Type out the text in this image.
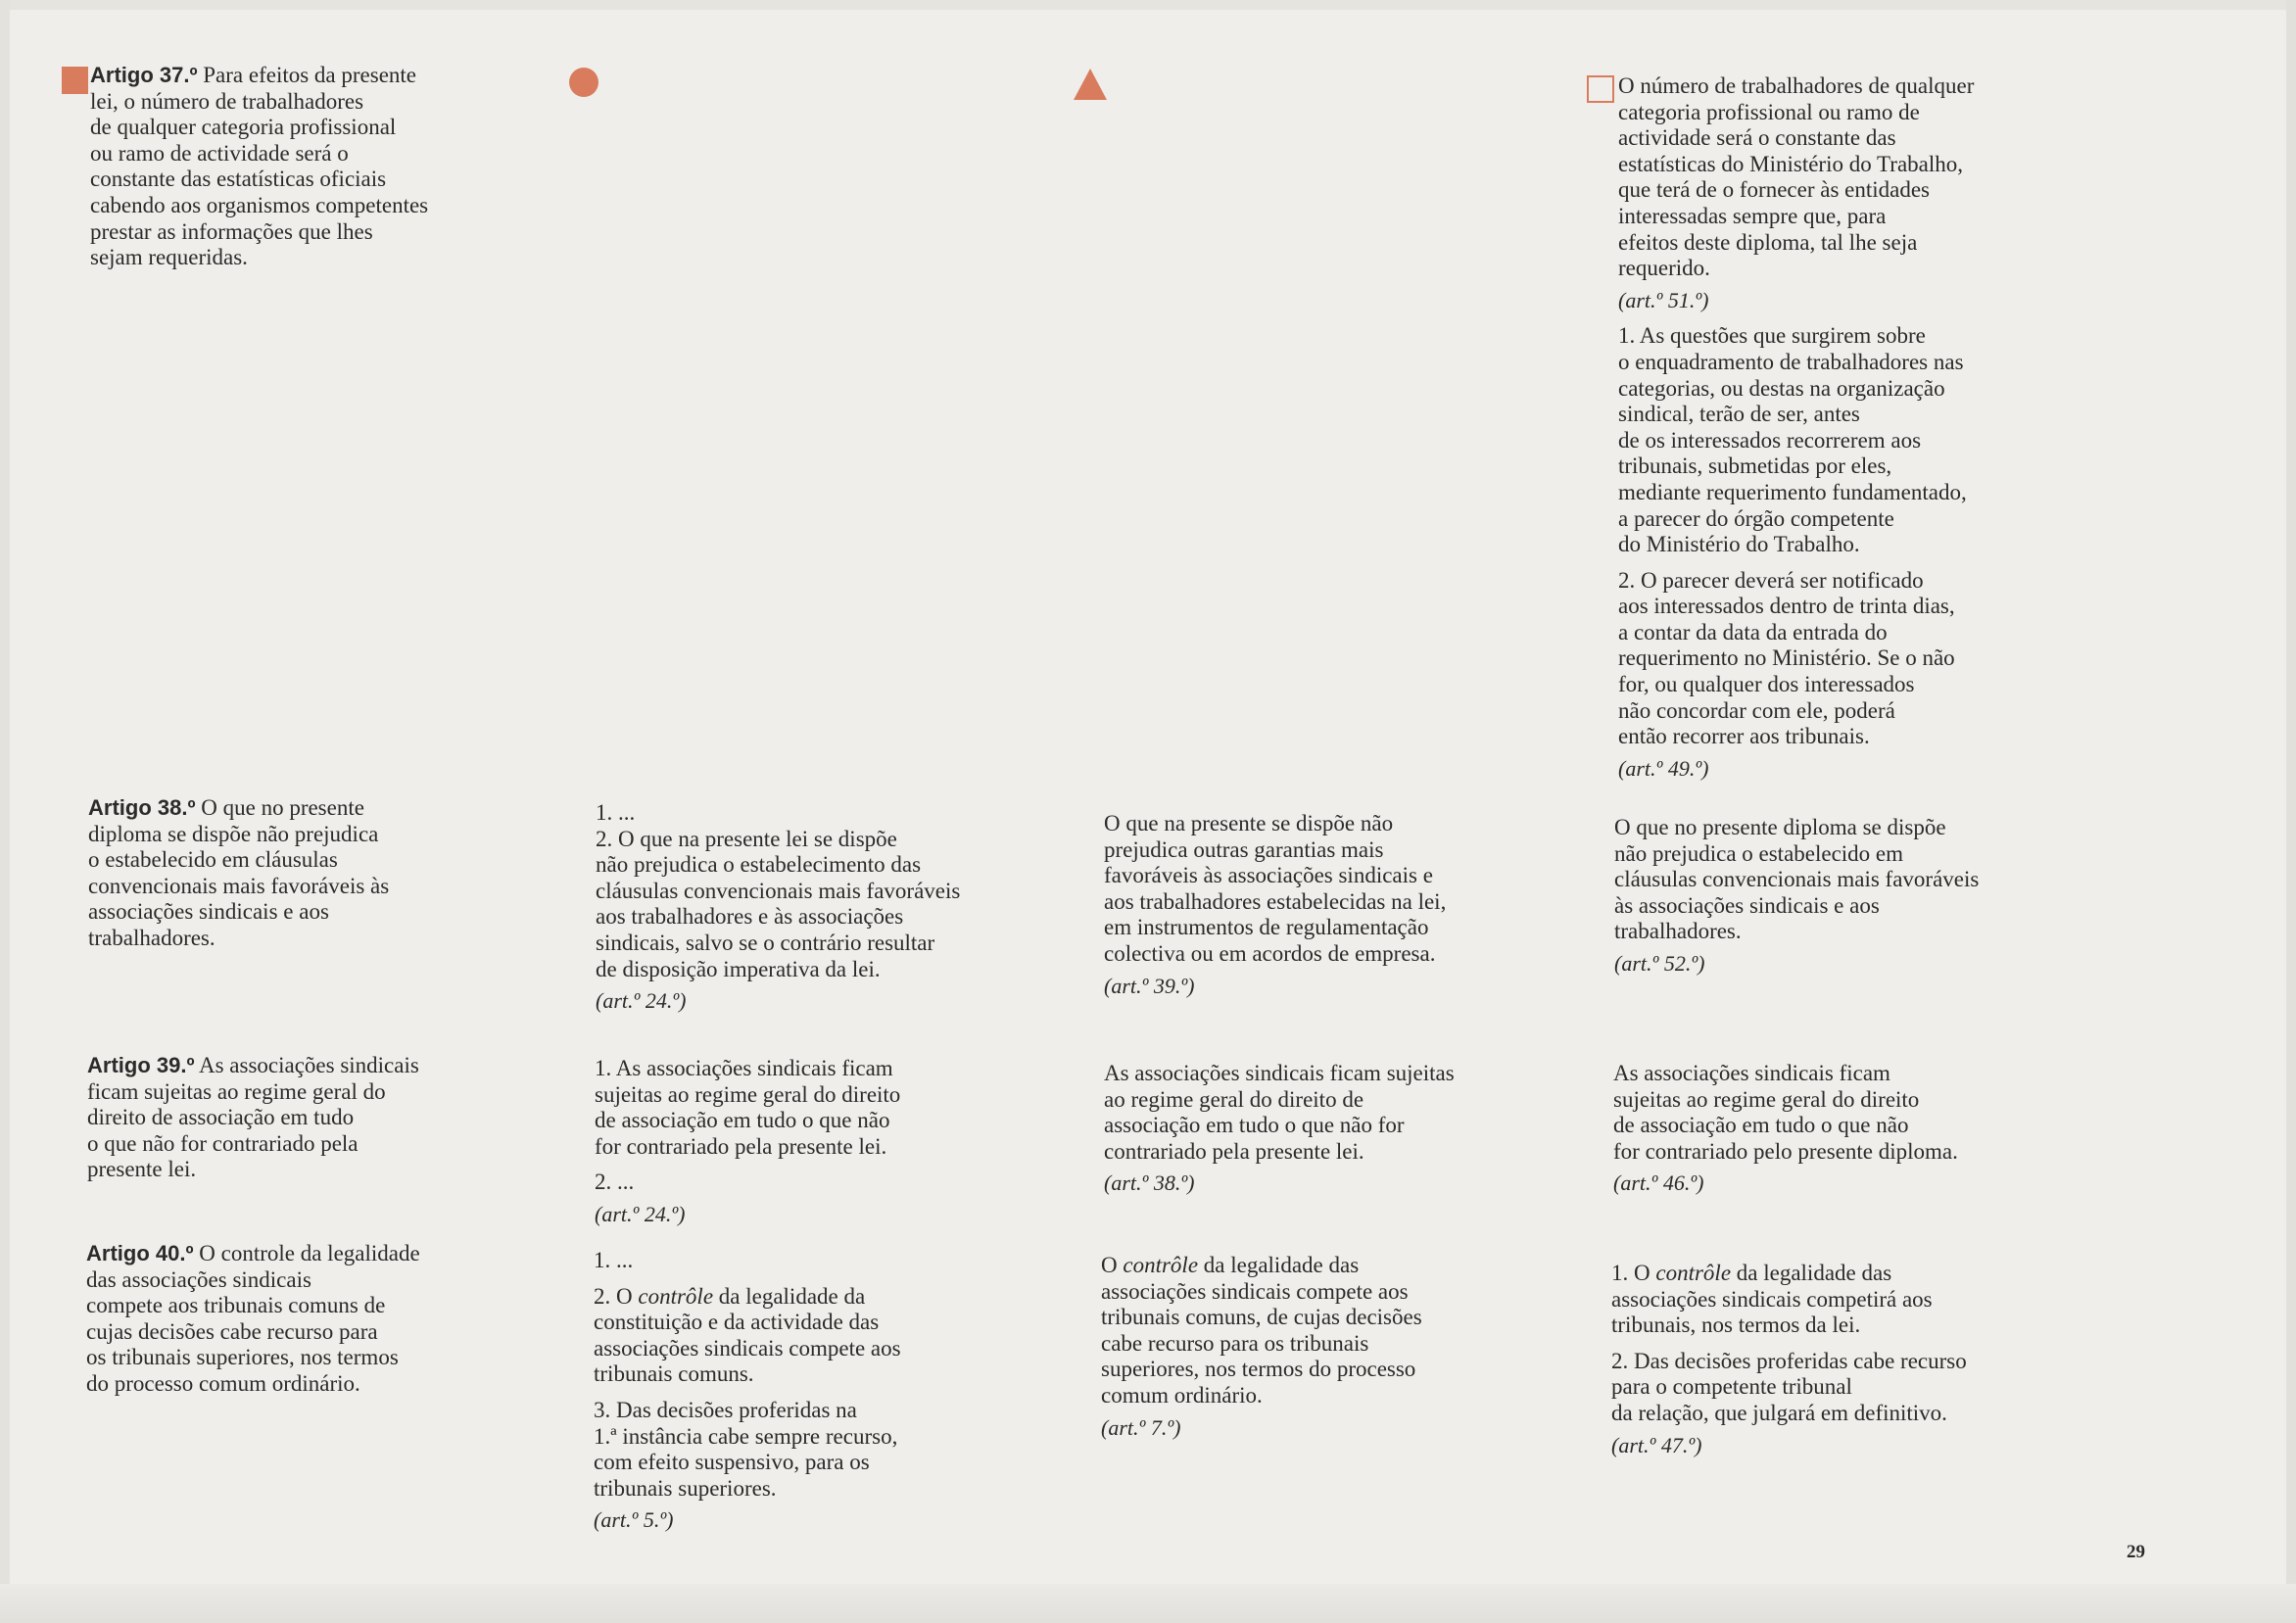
Artigo 37.º Para efeitos da presente
lei, o número de trabalhadores
de qualquer categoria profissional
ou ramo de actividade será o
constante das estatísticas oficiais
cabendo aos organismos competentes
prestar as informações que lhes
sejam requeridas.
O número de trabalhadores de qualquer
categoria profissional ou ramo de
actividade será o constante das
estatísticas do Ministério do Trabalho,
que terá de o fornecer às entidades
interessadas sempre que, para
efeitos deste diploma, tal lhe seja
requerido.
(art.º 51.º)
1. As questões que surgirem sobre
o enquadramento de trabalhadores nas
categorias, ou destas na organização
sindical, terão de ser, antes
de os interessados recorrerem aos
tribunais, submetidas por eles,
mediante requerimento fundamentado,
a parecer do órgão competente
do Ministério do Trabalho.
2. O parecer deverá ser notificado
aos interessados dentro de trinta dias,
a contar da data da entrada do
requerimento no Ministério. Se o não
for, ou qualquer dos interessados
não concordar com ele, poderá
então recorrer aos tribunais.
(art.º 49.º)
Artigo 38.º O que no presente
diploma se dispõe não prejudica
o estabelecido em cláusulas
convencionais mais favoráveis às
associações sindicais e aos
trabalhadores.
1. ...
2. O que na presente lei se dispõe
não prejudica o estabelecimento das
cláusulas convencionais mais favoráveis
aos trabalhadores e às associações
sindicais, salvo se o contrário resultar
de disposição imperativa da lei.
(art.º 24.º)
O que na presente se dispõe não
prejudica outras garantias mais
favoráveis às associações sindicais e
aos trabalhadores estabelecidas na lei,
em instrumentos de regulamentação
colectiva ou em acordos de empresa.
(art.º 39.º)
O que no presente diploma se dispõe
não prejudica o estabelecido em
cláusulas convencionais mais favoráveis
às associações sindicais e aos
trabalhadores.
(art.º 52.º)
Artigo 39.º As associações sindicais
ficam sujeitas ao regime geral do
direito de associação em tudo
o que não for contrariado pela
presente lei.
1. As associações sindicais ficam
sujeitas ao regime geral do direito
de associação em tudo o que não
for contrariado pela presente lei.
2. ...
(art.º 24.º)
As associações sindicais ficam sujeitas
ao regime geral do direito de
associação em tudo o que não for
contrariado pela presente lei.
(art.º 38.º)
As associações sindicais ficam
sujeitas ao regime geral do direito
de associação em tudo o que não
for contrariado pelo presente diploma.
(art.º 46.º)
Artigo 40.º O controle da legalidade
das associações sindicais
compete aos tribunais comuns de
cujas decisões cabe recurso para
os tribunais superiores, nos termos
do processo comum ordinário.
1. ...
2. O contrôle da legalidade da
constituição e da actividade das
associações sindicais compete aos
tribunais comuns.
3. Das decisões proferidas na
1.ª instância cabe sempre recurso,
com efeito suspensivo, para os
tribunais superiores.
(art.º 5.º)
O contrôle da legalidade das
associações sindicais compete aos
tribunais comuns, de cujas decisões
cabe recurso para os tribunais
superiores, nos termos do processo
comum ordinário.
(art.º 7.º)
1. O contrôle da legalidade das
associações sindicais competirá aos
tribunais, nos termos da lei.
2. Das decisões proferidas cabe recurso
para o competente tribunal
da relação, que julgará em definitivo.
(art.º 47.º)
29
